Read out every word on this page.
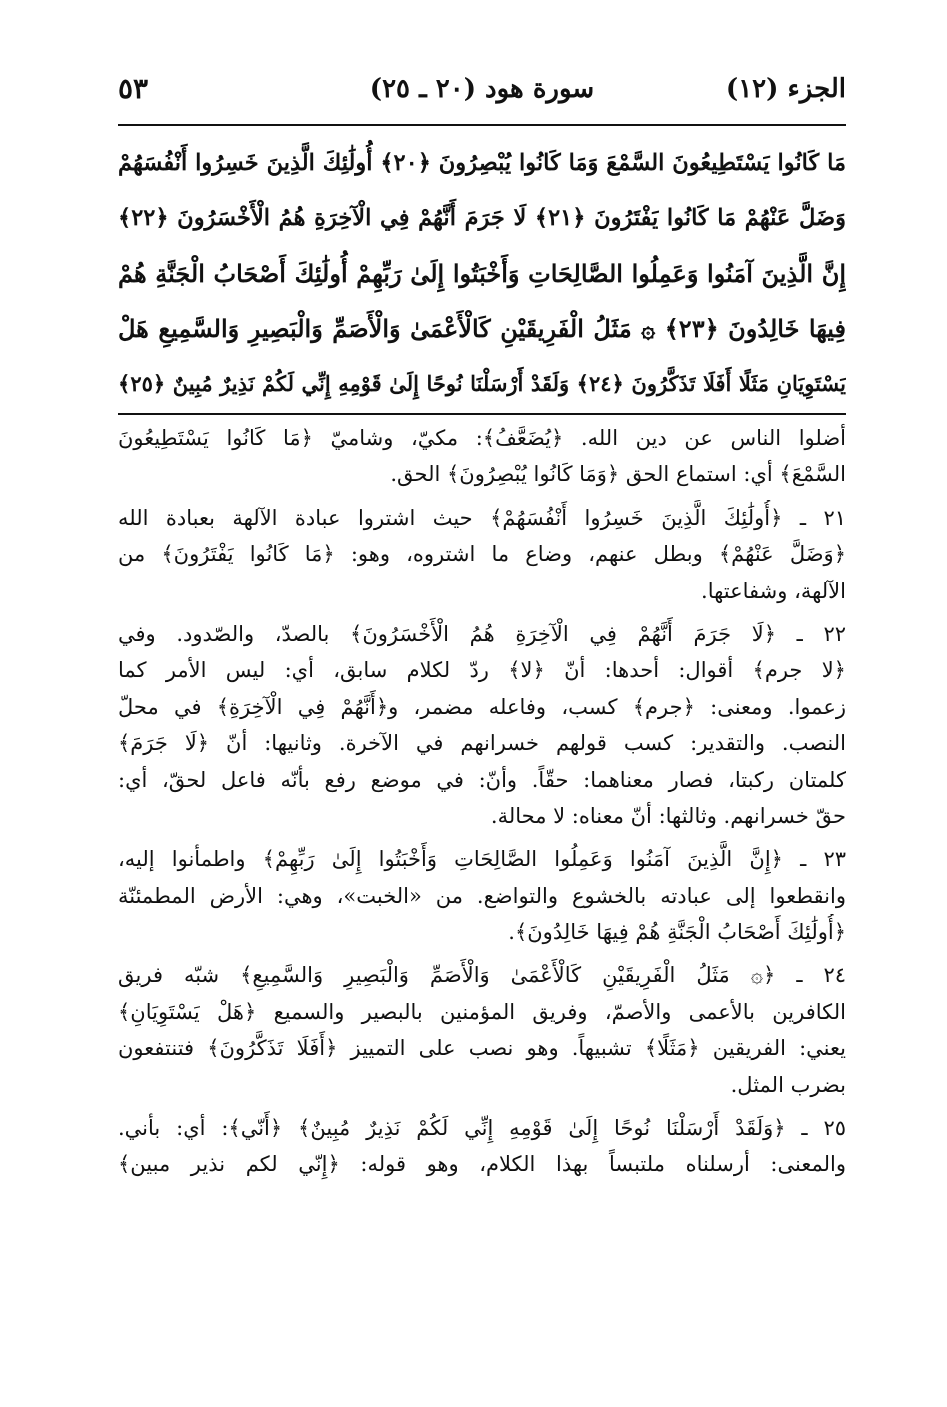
الجزء (١٢)
سورة هود (٢٠ ـ ٢٥)
٥٣
مَا كَانُوا يَسْتَطِيعُونَ السَّمْعَ وَمَا كَانُوا يُبْصِرُونَ ﴿٢٠﴾ أُولَٰئِكَ الَّذِينَ خَسِرُوا أَنْفُسَهُمْ
وَضَلَّ عَنْهُمْ مَا كَانُوا يَفْتَرُونَ ﴿٢١﴾ لَا جَرَمَ أَنَّهُمْ فِي الْآخِرَةِ هُمُ الْأَخْسَرُونَ ﴿٢٢﴾
إِنَّ الَّذِينَ آمَنُوا وَعَمِلُوا الصَّالِحَاتِ وَأَخْبَتُوا إِلَىٰ رَبِّهِمْ أُولَٰئِكَ أَصْحَابُ الْجَنَّةِ هُمْ
فِيهَا خَالِدُونَ ﴿٢٣﴾ ۞ مَثَلُ الْفَرِيقَيْنِ كَالْأَعْمَىٰ وَالْأَصَمِّ وَالْبَصِيرِ وَالسَّمِيعِ هَلْ
يَسْتَوِيَانِ مَثَلًا أَفَلَا تَذَكَّرُونَ ﴿٢٤﴾ وَلَقَدْ أَرْسَلْنَا نُوحًا إِلَىٰ قَوْمِهِ إِنِّي لَكُمْ نَذِيرٌ مُبِينٌ ﴿٢٥﴾
أضلوا الناس عن دين الله. ﴿يُضَعَّفُ﴾: مكيّ، وشاميّ ﴿مَا كَانُوا يَسْتَطِيعُونَ
السَّمْعَ﴾ أي: استماع الحق ﴿وَمَا كَانُوا يُبْصِرُونَ﴾ الحق.
٢١ ـ ﴿أُولَٰئِكَ الَّذِينَ خَسِرُوا أَنْفُسَهُمْ﴾ حيث اشتروا عبادة الآلهة بعبادة الله
﴿وَضَلَّ عَنْهُمْ﴾ وبطل عنهم، وضاع ما اشتروه، وهو: ﴿مَا كَانُوا يَفْتَرُونَ﴾ من
الآلهة، وشفاعتها.
٢٢ ـ ﴿لَا جَرَمَ أَنَّهُمْ فِي الْآخِرَةِ هُمُ الْأَخْسَرُونَ﴾ بالصدّ، والصّدود. وفي
﴿لا جرم﴾ أقوال: أحدها: أنّ ﴿لا﴾ ردّ لكلام سابق، أي: ليس الأمر كما
زعموا. ومعنى: ﴿جرم﴾ كسب، وفاعله مضمر، و﴿أَنَّهُمْ فِي الْآخِرَةِ﴾ في محلّ
النصب. والتقدير: كسب قولهم خسرانهم في الآخرة. وثانيها: أنّ ﴿لَا جَرَمَ﴾
كلمتان ركبتا، فصار معناهما: حقّاً. وأنّ: في موضع رفع بأنّه فاعل لحقّ، أي:
حقّ خسرانهم. وثالثها: أنّ معناه: لا محالة.
٢٣ ـ ﴿إِنَّ الَّذِينَ آمَنُوا وَعَمِلُوا الصَّالِحَاتِ وَأَخْبَتُوا إِلَىٰ رَبِّهِمْ﴾ واطمأنوا إليه،
وانقطعوا إلى عبادته بالخشوع والتواضع. من «الخبت»، وهي: الأرض المطمئنّة
﴿أُولَٰئِكَ أَصْحَابُ الْجَنَّةِ هُمْ فِيهَا خَالِدُونَ﴾.
٢٤ ـ ﴿۞ مَثَلُ الْفَرِيقَيْنِ كَالْأَعْمَىٰ وَالْأَصَمِّ وَالْبَصِيرِ وَالسَّمِيعِ﴾ شبّه فريق
الكافرين بالأعمى والأصمّ، وفريق المؤمنين بالبصير والسميع ﴿هَلْ يَسْتَوِيَانِ﴾
يعني: الفريقين ﴿مَثَلًا﴾ تشبيهاً. وهو نصب على التمييز ﴿أَفَلَا تَذَكَّرُونَ﴾ فتنتفعون
بضرب المثل.
٢٥ ـ ﴿وَلَقَدْ أَرْسَلْنَا نُوحًا إِلَىٰ قَوْمِهِ إِنِّي لَكُمْ نَذِيرٌ مُبِينٌ﴾ ﴿أَنّي﴾: أي: بأني.
والمعنى: أرسلناه ملتبساً بهذا الكلام، وهو قوله: ﴿إِنّي لكم نذير مبين﴾
